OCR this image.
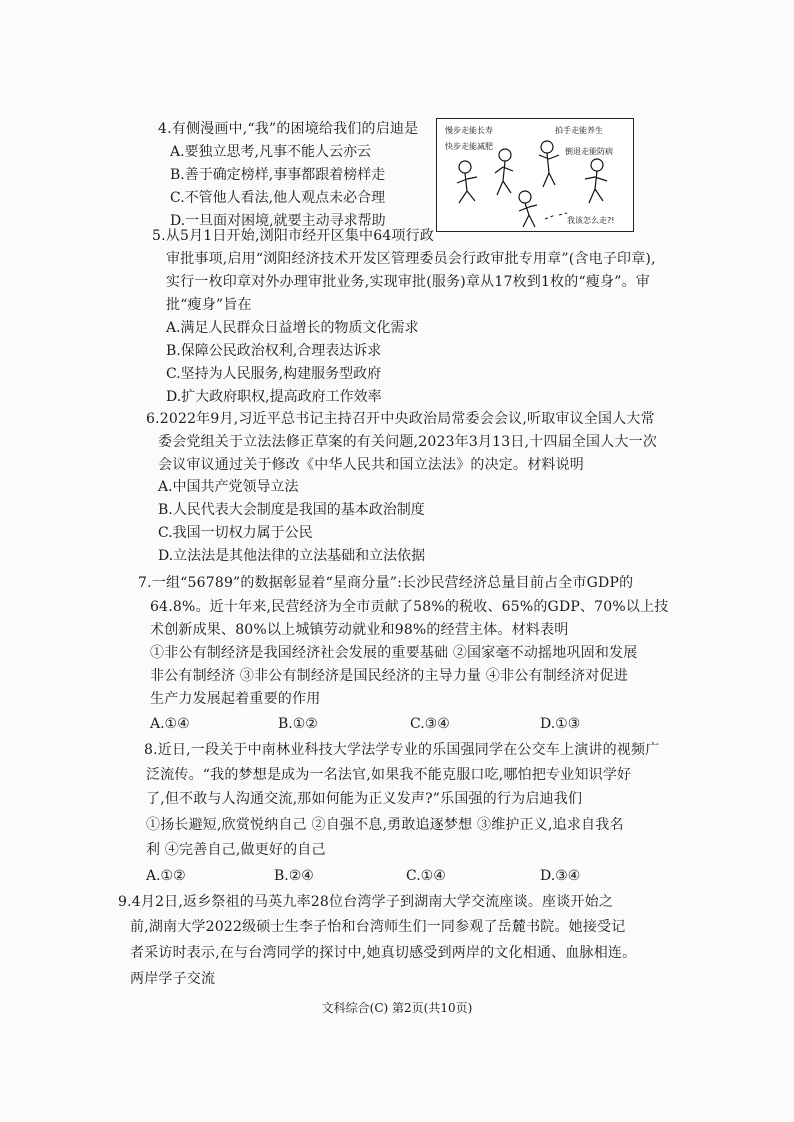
4.有侧漫画中,“我”的困境给我们的启迪是
A.要独立思考,凡事不能人云亦云
B.善于确定榜样,事事都跟着榜样走
C.不管他人看法,他人观点未必合理
D.一旦面对困境,就要主动寻求帮助
慢步走能长寿
快步走能减肥
拍手走能养生
倒退走能防病
我该怎么走?!
5.从5月1日开始,浏阳市经开区集中64项行政
审批事项,启用“浏阳经济技术开发区管理委员会行政审批专用章”(含电子印章),
实行一枚印章对外办理审批业务,实现审批(服务)章从17枚到1枚的“瘦身”。审
批“瘦身”旨在
A.满足人民群众日益增长的物质文化需求
B.保障公民政治权利,合理表达诉求
C.坚持为人民服务,构建服务型政府
D.扩大政府职权,提高政府工作效率
6.2022年9月,习近平总书记主持召开中央政治局常委会会议,听取审议全国人大常
委会党组关于立法法修正草案的有关问题,2023年3月13日,十四届全国人大一次
会议审议通过关于修改《中华人民共和国立法法》的决定。材料说明
A.中国共产党领导立法
B.人民代表大会制度是我国的基本政治制度
C.我国一切权力属于公民
D.立法法是其他法律的立法基础和立法依据
7.一组“56789”的数据彰显着“星商分量”:长沙民营经济总量目前占全市GDP的
64.8%。近十年来,民营经济为全市贡献了58%的税收、65%的GDP、70%以上技
术创新成果、80%以上城镇劳动就业和98%的经营主体。材料表明
①非公有制经济是我国经济社会发展的重要基础 ②国家毫不动摇地巩固和发展
非公有制经济 ③非公有制经济是国民经济的主导力量 ④非公有制经济对促进
生产力发展起着重要的作用
A.①④	B.①②	C.③④	D.①③
8.近日,一段关于中南林业科技大学法学专业的乐国强同学在公交车上演讲的视频广
泛流传。“我的梦想是成为一名法官,如果我不能克服口吃,哪怕把专业知识学好
了,但不敢与人沟通交流,那如何能为正义发声?”乐国强的行为启迪我们
①扬长避短,欣赏悦纳自己 ②自强不息,勇敢追逐梦想 ③维护正义,追求自我名
利 ④完善自己,做更好的自己
A.①②	B.②④	C.①④	D.③④
9.4月2日,返乡祭祖的马英九率28位台湾学子到湖南大学交流座谈。座谈开始之
前,湖南大学2022级硕士生李子怡和台湾师生们一同参观了岳麓书院。她接受记
者采访时表示,在与台湾同学的探讨中,她真切感受到两岸的文化相通、血脉相连。
两岸学子交流
文科综合(C) 第2页(共10页)
